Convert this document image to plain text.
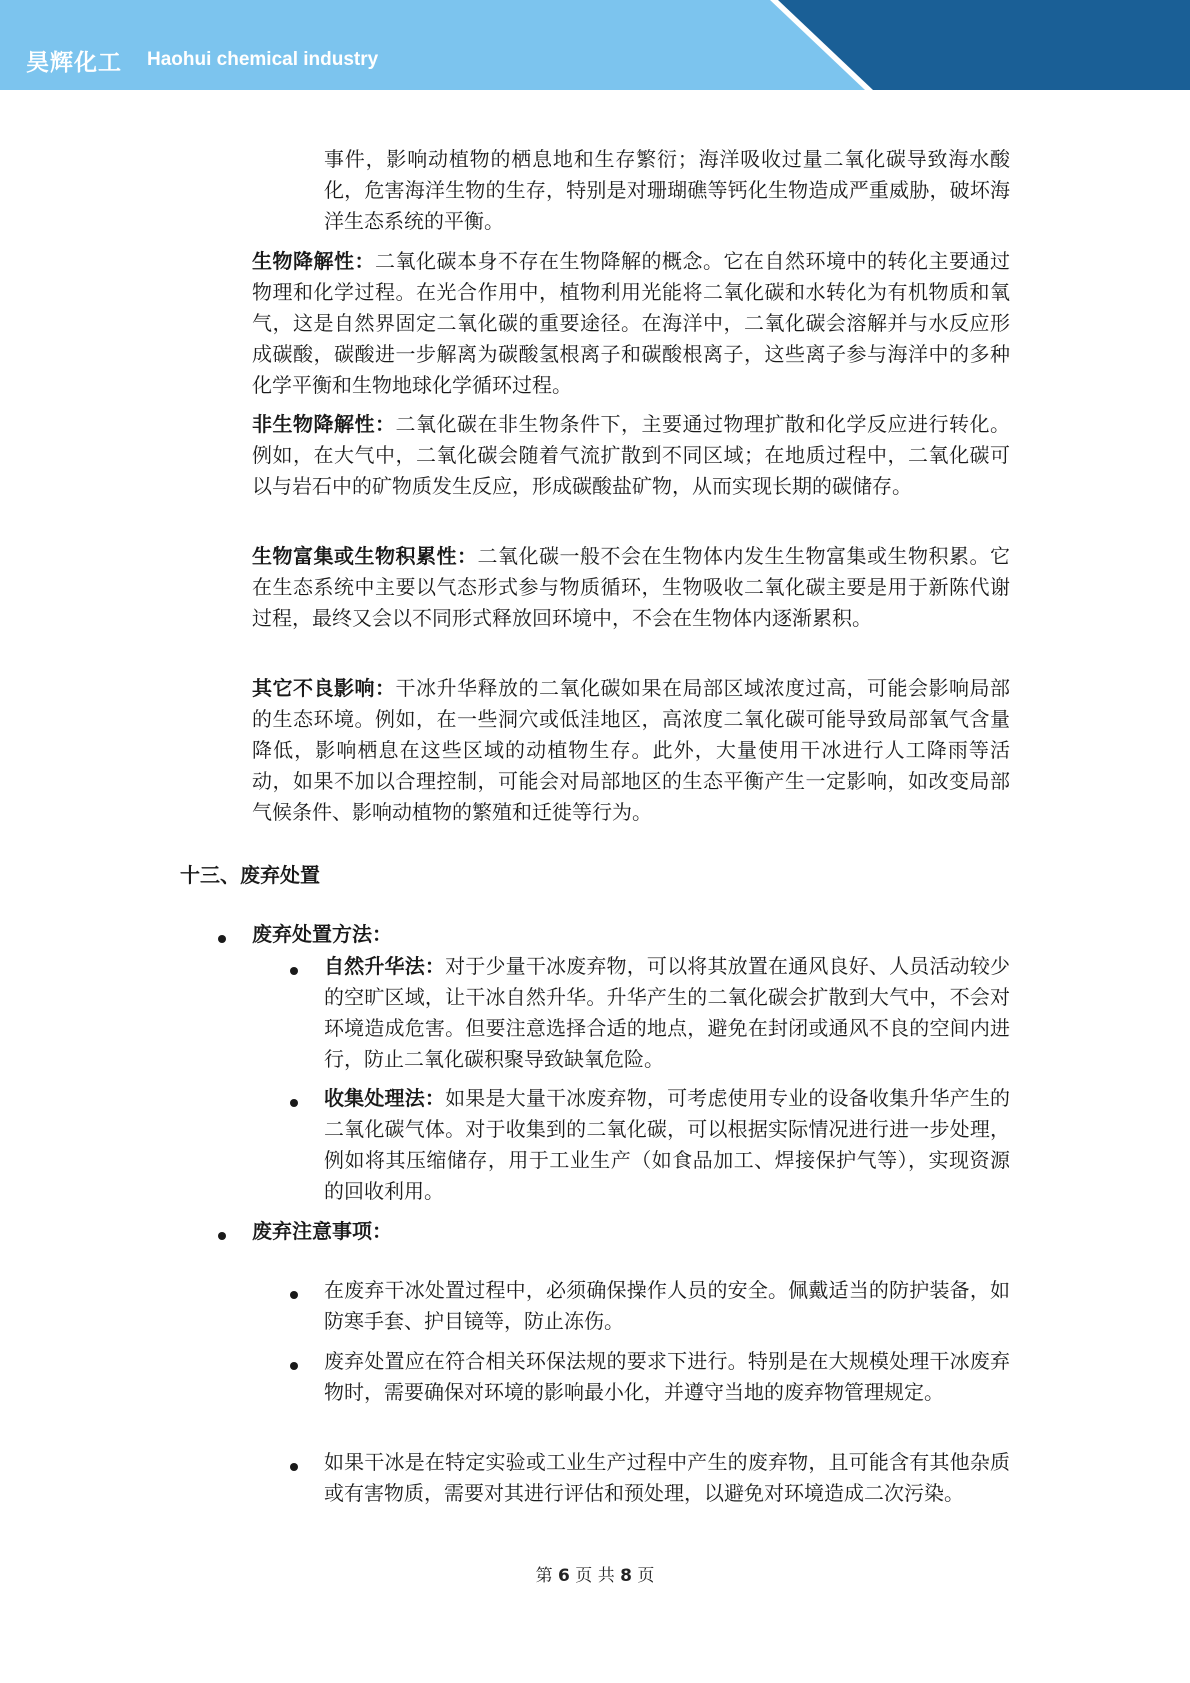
昊辉化工 Haohui chemical industry

事件，影响动植物的栖息地和生存繁衍；海洋吸收过量二氧化碳导致海水酸化，危害海洋生物的生存，特别是对珊瑚礁等钙化生物造成严重威胁，破坏海洋生态系统的平衡。

生物降解性：二氧化碳本身不存在生物降解的概念。它在自然环境中的转化主要通过物理和化学过程。在光合作用中，植物利用光能将二氧化碳和水转化为有机物质和氧气，这是自然界固定二氧化碳的重要途径。在海洋中，二氧化碳会溶解并与水反应形成碳酸，碳酸进一步解离为碳酸氢根离子和碳酸根离子，这些离子参与海洋中的多种化学平衡和生物地球化学循环过程。

非生物降解性：二氧化碳在非生物条件下，主要通过物理扩散和化学反应进行转化。例如，在大气中，二氧化碳会随着气流扩散到不同区域；在地质过程中，二氧化碳可以与岩石中的矿物质发生反应，形成碳酸盐矿物，从而实现长期的碳储存。

生物富集或生物积累性：二氧化碳一般不会在生物体内发生生物富集或生物积累。它在生态系统中主要以气态形式参与物质循环，生物吸收二氧化碳主要是用于新陈代谢过程，最终又会以不同形式释放回环境中，不会在生物体内逐渐累积。

其它不良影响：干冰升华释放的二氧化碳如果在局部区域浓度过高，可能会影响局部的生态环境。例如，在一些洞穴或低洼地区，高浓度二氧化碳可能导致局部氧气含量降低，影响栖息在这些区域的动植物生存。此外，大量使用干冰进行人工降雨等活动，如果不加以合理控制，可能会对局部地区的生态平衡产生一定影响，如改变局部气候条件、影响动植物的繁殖和迁徙等行为。

十三、废弃处置
废弃处置方法：

自然升华法：对于少量干冰废弃物，可以将其放置在通风良好、人员活动较少的空旷区域，让干冰自然升华。升华产生的二氧化碳会扩散到大气中，不会对环境造成危害。但要注意选择合适的地点，避免在封闭或通风不良的空间内进行，防止二氧化碳积聚导致缺氧危险。

收集处理法：如果是大量干冰废弃物，可考虑使用专业的设备收集升华产生的二氧化碳气体。对于收集到的二氧化碳，可以根据实际情况进行进一步处理，例如将其压缩储存，用于工业生产（如食品加工、焊接保护气等），实现资源的回收利用。

废弃注意事项：

在废弃干冰处置过程中，必须确保操作人员的安全。佩戴适当的防护装备，如防寒手套、护目镜等，防止冻伤。

废弃处置应在符合相关环保法规的要求下进行。特别是在大规模处理干冰废弃物时，需要确保对环境的影响最小化，并遵守当地的废弃物管理规定。

如果干冰是在特定实验或工业生产过程中产生的废弃物，且可能含有其他杂质或有害物质，需要对其进行评估和预处理，以避免对环境造成二次污染。

第 6 页 共 8 页
